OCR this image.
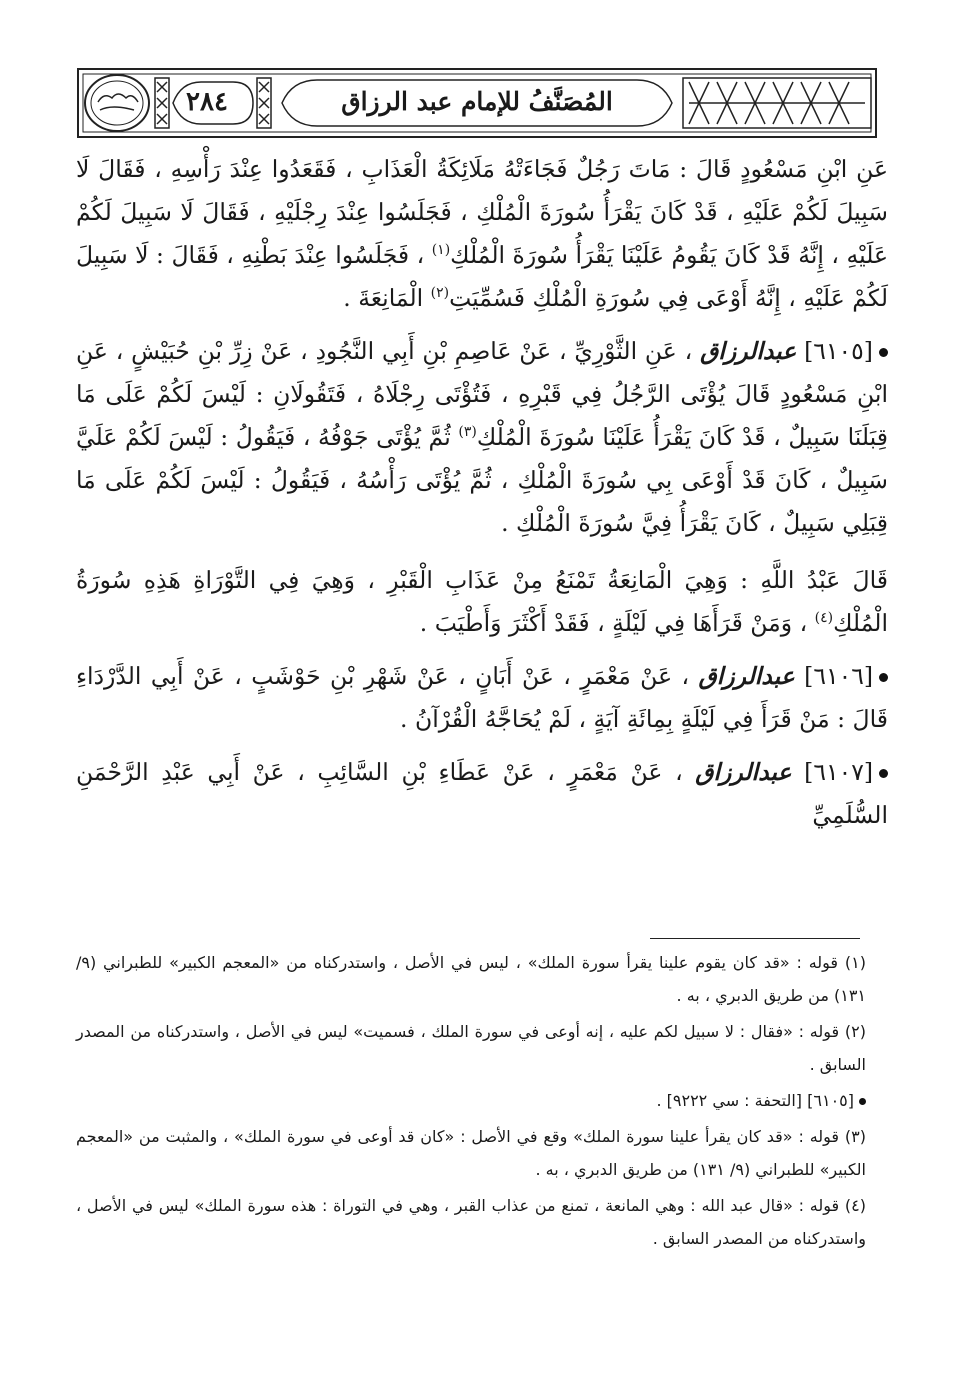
٢٨٤	المُصَنَّفُ للإمام عبد الرزاق

عَنِ ابْنِ مَسْعُودٍ قَالَ : مَاتَ رَجُلٌ فَجَاءَتْهُ مَلَائِكَةُ الْعَذَابِ ، فَقَعَدُوا عِنْدَ رَأْسِهِ ، فَقَالَ لَا سَبِيلَ لَكُمْ عَلَيْهِ ، قَدْ كَانَ يَقْرَأُ سُورَةَ الْمُلْكِ ، فَجَلَسُوا عِنْدَ رِجْلَيْهِ ، فَقَالَ لَا سَبِيلَ لَكُمْ عَلَيْهِ ، إِنَّهُ قَدْ كَانَ يَقُومُ عَلَيْنَا يَقْرَأُ سُورَةَ الْمُلْكِ$^{(١)}$ ، فَجَلَسُوا عِنْدَ بَطْنِهِ ، فَقَالَ : لَا سَبِيلَ لَكُمْ عَلَيْهِ ، إِنَّهُ أَوْعَى فِي سُورَةِ الْمُلْكِ فَسُمِّيَتِ$^{(٢)}$ الْمَانِعَةَ .

[٦١٠٥] عبدالرزاق ، عَنِ الثَّوْرِيِّ ، عَنْ عَاصِمِ بْنِ أَبِي النَّجُودِ ، عَنْ زِرِّ بْنِ حُبَيْشٍ ، عَنِ ابْنِ مَسْعُودٍ قَالَ يُؤْتَى الرَّجُلُ فِي قَبْرِهِ ، فَتُؤْتَى رِجْلَاهُ ، فَتَقُولَانِ : لَيْسَ لَكُمْ عَلَى مَا قِبَلَنَا سَبِيلٌ ، قَدْ كَانَ يَقْرَأُ عَلَيْنَا سُورَةَ الْمُلْكِ$^{(٣)}$ ثُمَّ يُؤْتَى جَوْفُهُ ، فَيَقُولُ : لَيْسَ لَكُمْ عَلَيَّ سَبِيلٌ ، كَانَ قَدْ أَوْعَى بِي سُورَةَ الْمُلْكِ ، ثُمَّ يُؤْتَى رَأْسُهُ ، فَيَقُولُ : لَيْسَ لَكُمْ عَلَى مَا قِبَلِي سَبِيلٌ ، كَانَ يَقْرَأُ فِيَّ سُورَةَ الْمُلْكِ .

قَالَ عَبْدُ اللَّهِ : وَهِيَ الْمَانِعَةُ تَمْنَعُ مِنْ عَذَابِ الْقَبْرِ ، وَهِيَ فِي التَّوْرَاةِ هَذِهِ سُورَةُ الْمُلْكِ$^{(٤)}$ ، وَمَنْ قَرَأَهَا فِي لَيْلَةٍ ، فَقَدْ أَكْثَرَ وَأَطْيَبَ .

[٦١٠٦] عبدالرزاق ، عَنْ مَعْمَرٍ ، عَنْ أَبَانٍ ، عَنْ شَهْرِ بْنِ حَوْشَبٍ ، عَنْ أَبِي الدَّرْدَاءِ قَالَ : مَنْ قَرَأَ فِي لَيْلَةٍ بِمِائَةِ آيَةٍ ، لَمْ يُحَاجَّهُ الْقُرْآنُ .

[٦١٠٧] عبدالرزاق ، عَنْ مَعْمَرٍ ، عَنْ عَطَاءِ بْنِ السَّائِبِ ، عَنْ أَبِي عَبْدِ الرَّحْمَنِ السُّلَمِيِّ

(١) قوله : «قد كان يقوم علينا يقرأ سورة الملك» ، ليس في الأصل ، واستدركناه من «المعجم الكبير» للطبراني (٩/ ١٣١) من طريق الدبري ، به .

(٢) قوله : «فقال : لا سبيل لكم عليه ، إنه أوعى في سورة الملك ، فسميت» ليس في الأصل ، واستدركناه من المصدر السابق .

[٦١٠٥] [التحفة : سي ٩٢٢٢] .

(٣) قوله : «قد كان يقرأ علينا سورة الملك» وقع في الأصل : «كان قد أوعى في سورة الملك» ، والمثبت من «المعجم الكبير» للطبراني (٩/ ١٣١) من طريق الدبري ، به .

(٤) قوله : «قال عبد الله : وهي المانعة ، تمنع من عذاب القبر ، وهي في التوراة : هذه سورة الملك» ليس في الأصل ، واستدركناه من المصدر السابق .
